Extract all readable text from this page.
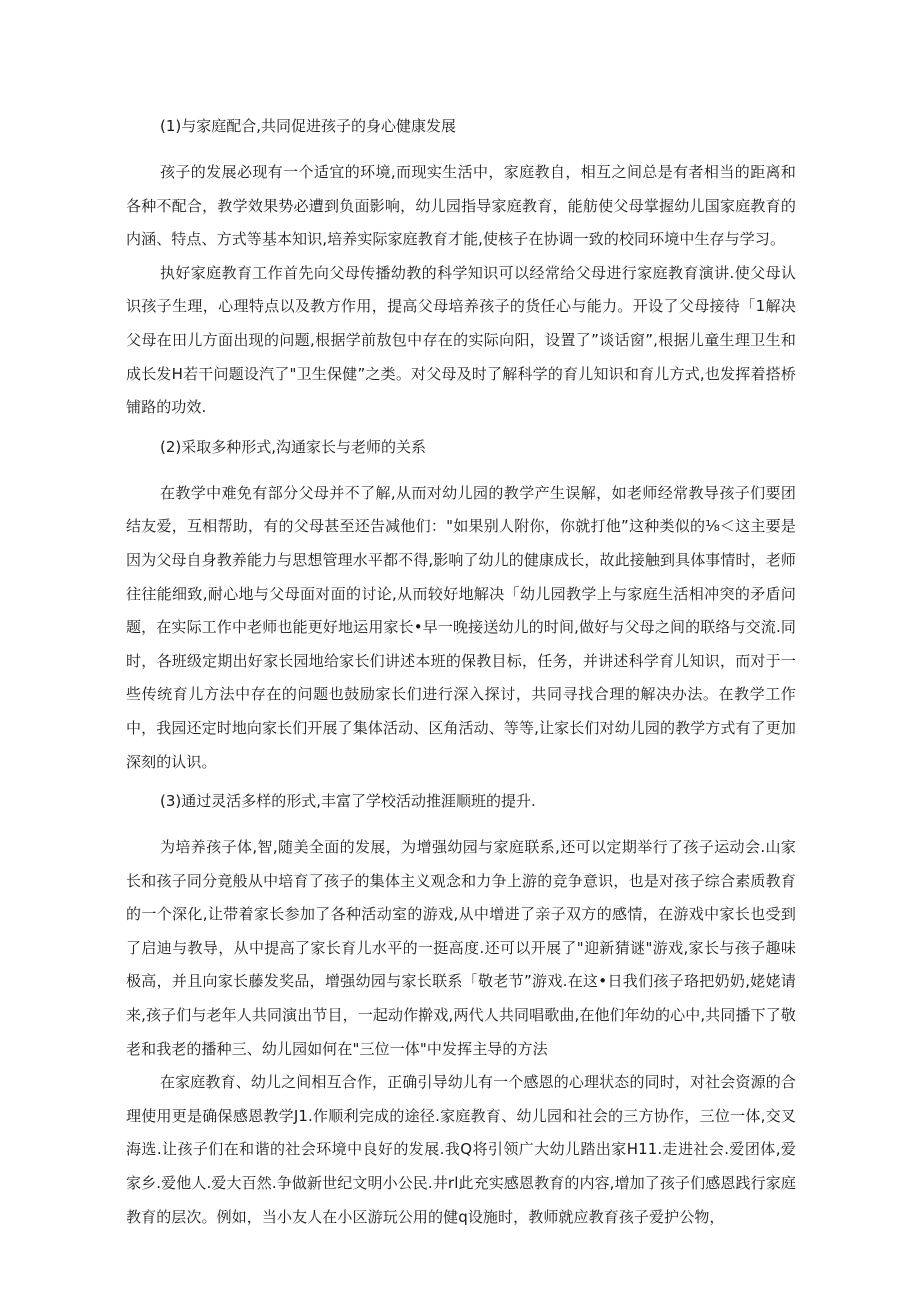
(1)与家庭配合,共同促进孩子的身心健康发展

孩子的发展必现有一个适宜的环境,而现实生活中，家庭教自，相互之间总是有者相当的距离和各种不配合，教学效果势必遭到负面影响，幼儿园指导家庭教育，能舫使父母掌握幼儿国家庭教育的内涵、特点、方式等基本知识,培养实际家庭教育才能,使核子在协调一致的校同环境中生存与学习。

执好家庭教育工作首先向父母传播幼教的科学知识可以经常给父母进行家庭教育演讲.使父母认识孩子生理，心理特点以及教方作用，提高父母培养孩子的货任心与能力。开设了父母接待「1解决父母在田儿方面出现的问题,根据学前敖包中存在的实际向阳，设置了”谈话窗”,根据儿童生理卫生和成长发H若干问题设汽了"卫生保健”之类。对父母及时了解科学的育儿知识和育儿方式,也发挥着搭桥铺路的功效.

(2)采取多种形式,沟通家长与老师的关系

在教学中难免有部分父母并不了解,从而对幼儿园的教学产生误解，如老师经常教导孩子们要团结友爱，互相帮助，有的父母甚至还告减他们："如果别人附你，你就打他”这种类似的⅛＜这主要是因为父母自身教养能力与思想管理水平都不得,影响了幼儿的健康成长，故此接触到具体事情时，老师往往能细致,耐心地与父母面对面的讨论,从而较好地解决「幼儿园教学上与家庭生活相冲突的矛盾问题，在实际工作中老师也能更好地运用家长•早一晚接送幼儿的时间,做好与父母之间的联络与交流.同时，各班级定期出好家长园地给家长们讲述本班的保教目标，任务，并讲述科学育儿知识，而对于一些传统育儿方法中存在的问题也鼓励家长们进行深入探讨，共同寻找合理的解决办法。在教学工作中，我园还定时地向家长们开展了集体活动、区角活动、等等,让家长们对幼儿园的教学方式有了更加深刻的认识。

(3)通过灵活多样的形式,丰富了学校活动推涯顺班的提升.

为培养孩子体,智,随美全面的发展，为增强幼园与家庭联系,还可以定期举行了孩子运动会.山家长和孩子同分竟般从中培育了孩子的集体主义观念和力争上游的竞争意识，也是对孩子综合素质教育的一个深化,让带着家长参加了各种活动室的游戏,从中增进了亲子双方的感情，在游戏中家长也受到了启迪与教导，从中提高了家长育儿水平的一挺高度.还可以开展了"迎新猜谜"游戏,家长与孩子趣味极高，并且向家长藤发奖品，增强幼园与家长联系「敬老节”游戏.在这•日我们孩子珞把奶奶,姥姥请来,孩子们与老年人共同演出节目，一起动作擀戏,两代人共同唱歌曲,在他们年幼的心中,共同播下了敬老和我老的播种三、幼儿园如何在"三位一体"中发挥主导的方法

在家庭教育、幼儿之间相互合作，正确引导幼儿有一个感恩的心理状态的同时，对社会资源的合理使用更是确保感恩教学J1.作顺利完成的途径.家庭教育、幼儿园和社会的三方协作，三位一体,交叉海选.让孩子们在和谐的社会环境中良好的发展.我Q将引领广大幼儿踏出家H11.走进社会.爱团体,爱家乡.爱他人.爱大百然.争做新世纪文明小公民.井rl此充实感恩教育的内容,增加了孩子们感恩践行家庭教育的层次。例如，当小友人在小区游玩公用的健q设施时，教师就应教育孩子爱护公物，
